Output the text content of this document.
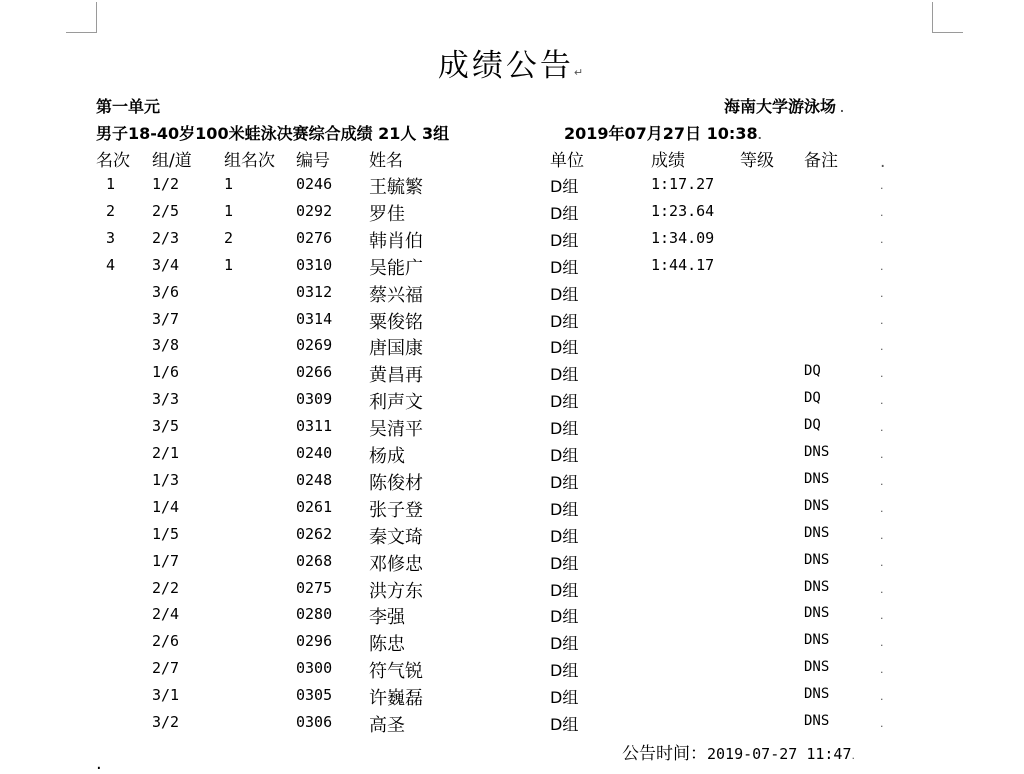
成绩公告↵
第一单元	海南大学游泳场 .
男子18-40岁100米蛙泳决赛综合成绩 21人 3组	2019年07月27日 10:38.
名次 组/道 组名次 编号 姓名	单位	成绩	等级 备注 .
1 1/2	1	0246 王毓繁	D组	1:17.27	.
2 2/5	1	0292 罗佳	D组	1:23.64	.
3 2/3	2	0276 韩肖伯	D组	1:34.09	.
4 3/4	1	0310 吴能广	D组	1:44.17	.
3/6	0312 蔡兴福	D组	.
3/7	0314 粟俊铭	D组	.
3/8	0269 唐国康	D组	.
1/6	0266 黄昌再	D组	DQ	.
3/3	0309 利声文	D组	DQ	.
3/5	0311 吴清平	D组	DQ	.
2/1	0240 杨成	D组	DNS	.
1/3	0248 陈俊材	D组	DNS	.
1/4	0261 张子登	D组	DNS	.
1/5	0262 秦文琦	D组	DNS	.
1/7	0268 邓修忠	D组	DNS	.
2/2	0275 洪方东	D组	DNS	.
2/4	0280 李强	D组	DNS	.
2/6	0296 陈忠	D组	DNS	.
2/7	0300 符气锐	D组	DNS	.
3/1	0305 许巍磊	D组	DNS	.
3/2	0306 高圣	D组	DNS	.
公告时间：2019-07-27 11:47.
.
